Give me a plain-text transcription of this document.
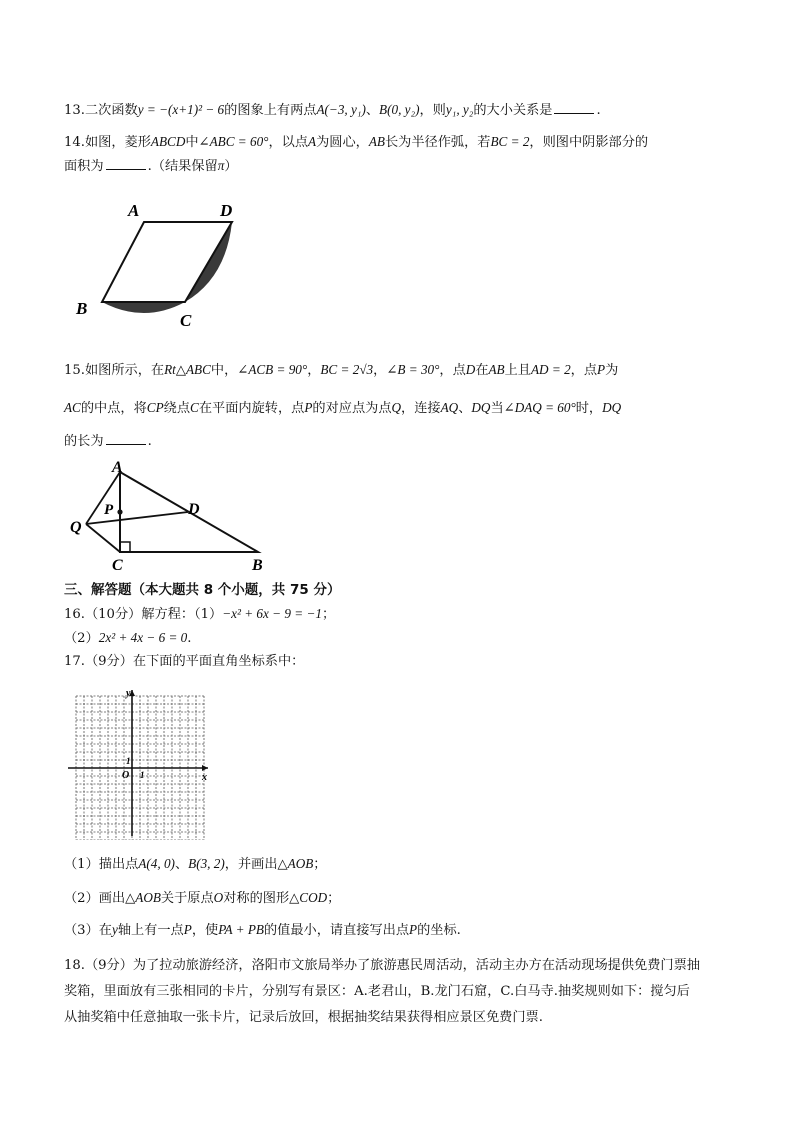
13.二次函数y = −(x+1)² − 6的图象上有两点A(−3, y₁)、B(0, y₂)，则y₁, y₂的大小关系是	.
14.如图，菱形ABCD中∠ABC = 60°，以点A为圆心，AB长为半径作弧，若BC = 2，则图中阴影部分的
面积为	.（结果保留π）
A	D
B
C
15.如图所示，在Rt△ABC中，∠ACB = 90°，BC = 2√3，∠B = 30°，点D在AB上且AD = 2，点P为
AC的中点，将CP绕点C在平面内旋转，点P的对应点为点Q，连接AQ、DQ当∠DAQ = 60°时，DQ
的长为	.
A
P
Q
D
C	B
三、解答题（本大题共 8 个小题，共 75 分）
16.（10分）解方程：（1）−x² + 6x − 9 = −1；
（2）2x² + 4x − 6 = 0.
17.（9分）在下面的平面直角坐标系中：
y
x
O 1
1
（1）描出点A(4, 0)、B(3, 2)，并画出△AOB；
（2）画出△AOB关于原点O对称的图形△COD；
（3）在y轴上有一点P，使PA + PB的值最小，请直接写出点P的坐标.
18.（9分）为了拉动旅游经济，洛阳市文旅局举办了旅游惠民周活动，活动主办方在活动现场提供免费门票抽
奖箱，里面放有三张相同的卡片，分别写有景区：A.老君山，B.龙门石窟，C.白马寺.抽奖规则如下：搅匀后
从抽奖箱中任意抽取一张卡片，记录后放回，根据抽奖结果获得相应景区免费门票.
